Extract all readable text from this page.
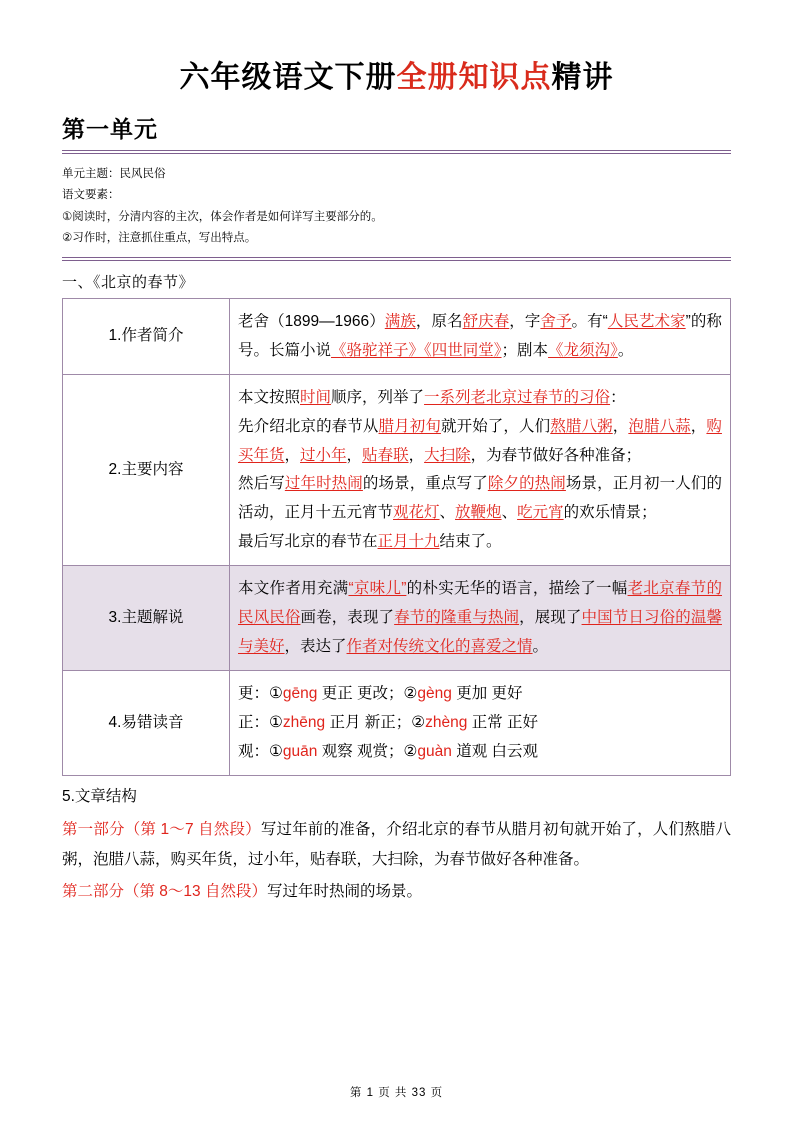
六年级语文下册全册知识点精讲
第一单元
单元主题：民风民俗
语文要素：
①阅读时，分清内容的主次，体会作者是如何详写主要部分的。
②习作时，注意抓住重点，写出特点。
一、《北京的春节》
1.作者简介	老舍（1899—1966）满族，原名舒庆春，字舍予。有“人民艺术家”的称号。长篇小说《骆驼祥子》《四世同堂》；剧本《龙须沟》。
2.主要内容	本文按照时间顺序，列举了一系列老北京过春节的习俗：
先介绍北京的春节从腊月初旬就开始了，人们熬腊八粥，泡腊八蒜，购买年货，过小年，贴春联，大扫除，为春节做好各种准备；
然后写过年时热闹的场景，重点写了除夕的热闹场景，正月初一人们的活动，正月十五元宵节观花灯、放鞭炮、吃元宵的欢乐情景；
最后写北京的春节在正月十九结束了。

3.主题解说	本文作者用充满“京味儿”的朴实无华的语言，描绘了一幅老北京春节的民风民俗画卷，表现了春节的隆重与热闹，展现了中国节日习俗的温馨与美好，表达了作者对传统文化的喜爱之情。
4.易错读音	更：①gēng 更正 更改；②gèng 更加 更好
正：①zhēng 正月 新正；②zhèng 正常 正好
观：①guān 观察 观赏；②guàn 道观 白云观

5.文章结构

第一部分（第 1～7 自然段）写过年前的准备，介绍北京的春节从腊月初旬就开始了，人们熬腊八粥，泡腊八蒜，购买年货，过小年，贴春联，大扫除，为春节做好各种准备。

第二部分（第 8～13 自然段）写过年时热闹的场景。

第 1 页 共 33 页
